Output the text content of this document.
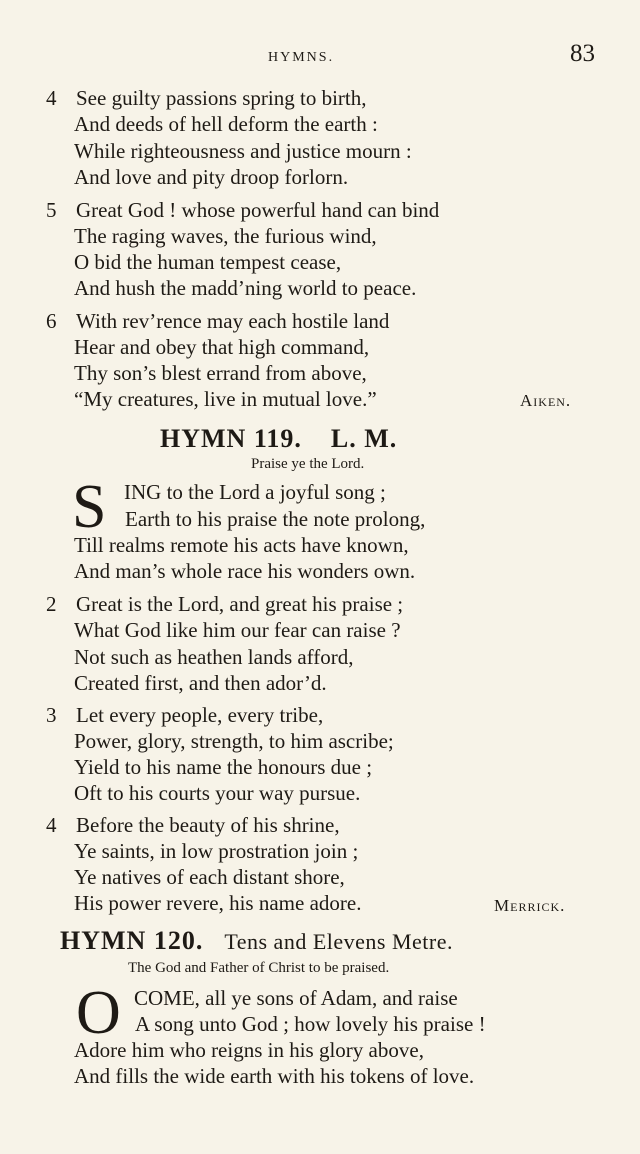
HYMNS.	83
4 See guilty passions spring to birth,
And deeds of hell deform the earth :
While righteousness and justice mourn :
And love and pity droop forlorn.
5 Great God ! whose powerful hand can bind
The raging waves, the furious wind,
O bid the human tempest cease,
And hush the madd’ning world to peace.
6 With rev’rence may each hostile land
Hear and obey that high command,
Thy son’s blest errand from above,
“My creatures, live in mutual love.”	Aiken.
HYMN 119. L. M.
Praise ye the Lord.
S ING to the Lord a joyful song ;
Earth to his praise the note prolong,
Till realms remote his acts have known,
And man’s whole race his wonders own.
2 Great is the Lord, and great his praise ;
What God like him our fear can raise ?
Not such as heathen lands afford,
Created first, and then ador’d.
3 Let every people, every tribe,
Power, glory, strength, to him ascribe;
Yield to his name the honours due ;
Oft to his courts your way pursue.
4 Before the beauty of his shrine,
Ye saints, in low prostration join ;
Ye natives of each distant shore,
His power revere, his name adore.	Merrick.
HYMN 120. Tens and Elevens Metre.
The God and Father of Christ to be praised.
O COME, all ye sons of Adam, and raise
A song unto God ; how lovely his praise !
Adore him who reigns in his glory above,
And fills the wide earth with his tokens of love.
